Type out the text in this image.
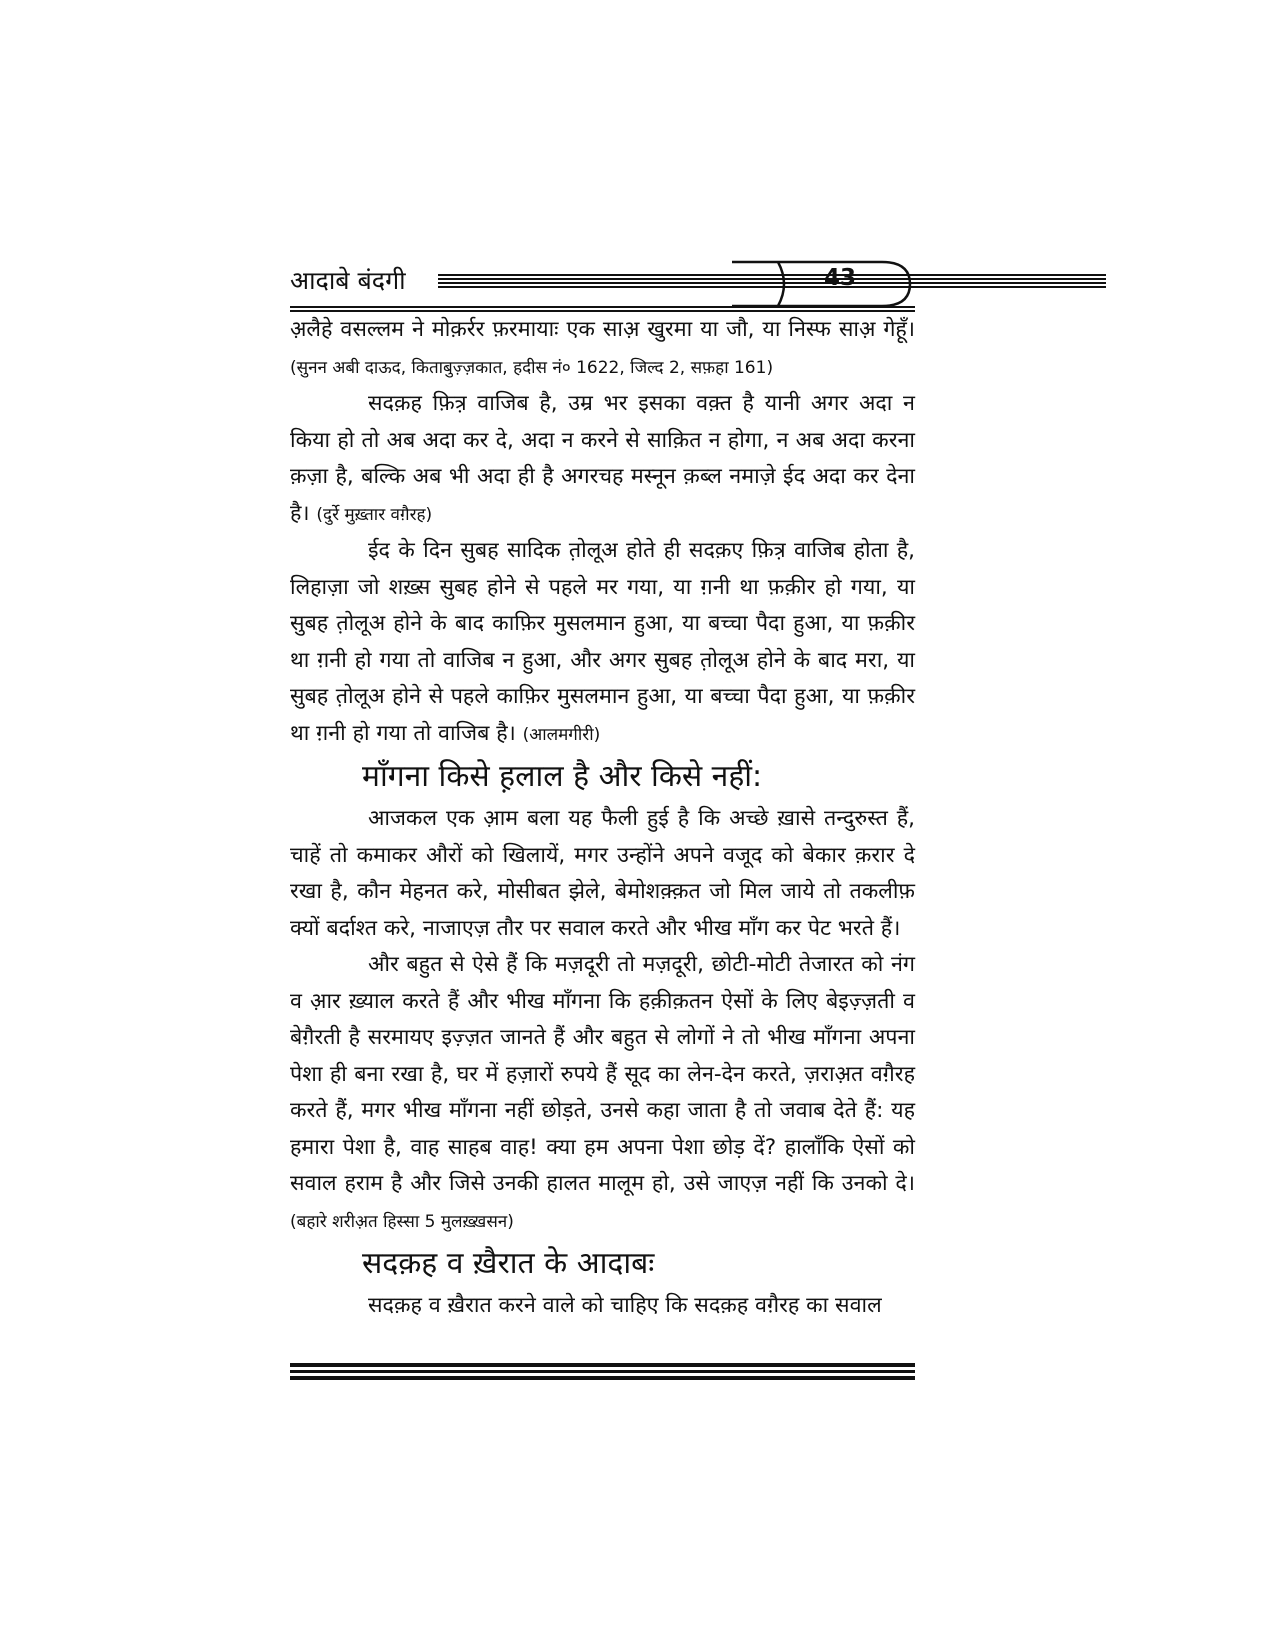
आदाबे बंदगी	43

अ़लैहे वसल्लम ने मोक़र्रर फ़रमायाः एक साअ़ खुरमा या जौ, या निस्फ साअ़ गेहूँ। (सुनन अबी दाऊद, किताबुज़्ज़कात, हदीस नं० 1622, जिल्द 2, सफ़हा 161)

सदक़ह फ़ित़्र वाजिब है, उम्र भर इसका वक़्त है यानी अगर अदा न किया हो तो अब अदा कर दे, अदा न करने से साक़ित न होगा, न अब अदा करना क़ज़ा है, बल्कि अब भी अदा ही है अगरचह मस्नून क़ब्ल नमाज़े ईद अदा कर देना है। (दुर्रे मुख़्तार वग़ैरह)

ईद के दिन सुबह सादिक त़ोलूअ होते ही सदक़ए फ़ित़्र वाजिब होता है, लिहाज़ा जो शख़्स सुबह होने से पहले मर गया, या ग़नी था फ़क़ीर हो गया, या सुबह त़ोलूअ होने के बाद काफ़िर मुसलमान हुआ, या बच्चा पैदा हुआ, या फ़क़ीर था ग़नी हो गया तो वाजिब न हुआ, और अगर सुबह त़ोलूअ होने के बाद मरा, या सुबह त़ोलूअ होने से पहले काफ़िर मुसलमान हुआ, या बच्चा पैदा हुआ, या फ़क़ीर था ग़नी हो गया तो वाजिब है। (आलमगीरी)

माँगना किसे ह़लाल है और किसे नहीं:

आजकल एक अ़ाम बला यह फैली हुई है कि अच्छे ख़ासे तन्दुरुस्त हैं, चाहें तो कमाकर औरों को खिलायें, मगर उन्होंने अपने वजूद को बेकार क़रार दे रखा है, कौन मेहनत करे, मोसीबत झेले, बेमोशक़्क़त जो मिल जाये तो तकलीफ़ क्यों बर्दाश्त करे, नाजाएज़ तौर पर सवाल करते और भीख माँग कर पेट भरते हैं।

और बहुत से ऐसे हैं कि मज़दूरी तो मज़दूरी, छोटी-मोटी तेजारत को नंग व अ़ार ख़्याल करते हैं और भीख माँगना कि हक़ीक़तन ऐसों के लिए बेइज़्ज़ती व बेग़ैरती है सरमायए इज़्ज़त जानते हैं और बहुत से लोगों ने तो भीख माँगना अपना पेशा ही बना रखा है, घर में हज़ारों रुपये हैं सूद का लेन-देन करते, ज़राअ़त वग़ैरह करते हैं, मगर भीख माँगना नहीं छोड़ते, उनसे कहा जाता है तो जवाब देते हैं: यह हमारा पेशा है, वाह साहब वाह! क्या हम अपना पेशा छोड़ दें? हालाँकि ऐसों को सवाल हराम है और जिसे उनकी हालत मालूम हो, उसे जाएज़ नहीं कि उनको दे। (बहारे शरीअ़त हिस्सा 5 मुलख़्ख़सन)

सदक़ह व ख़ैरात के आदाबः

सदक़ह व ख़ैरात करने वाले को चाहिए कि सदक़ह वग़ैरह का सवाल
